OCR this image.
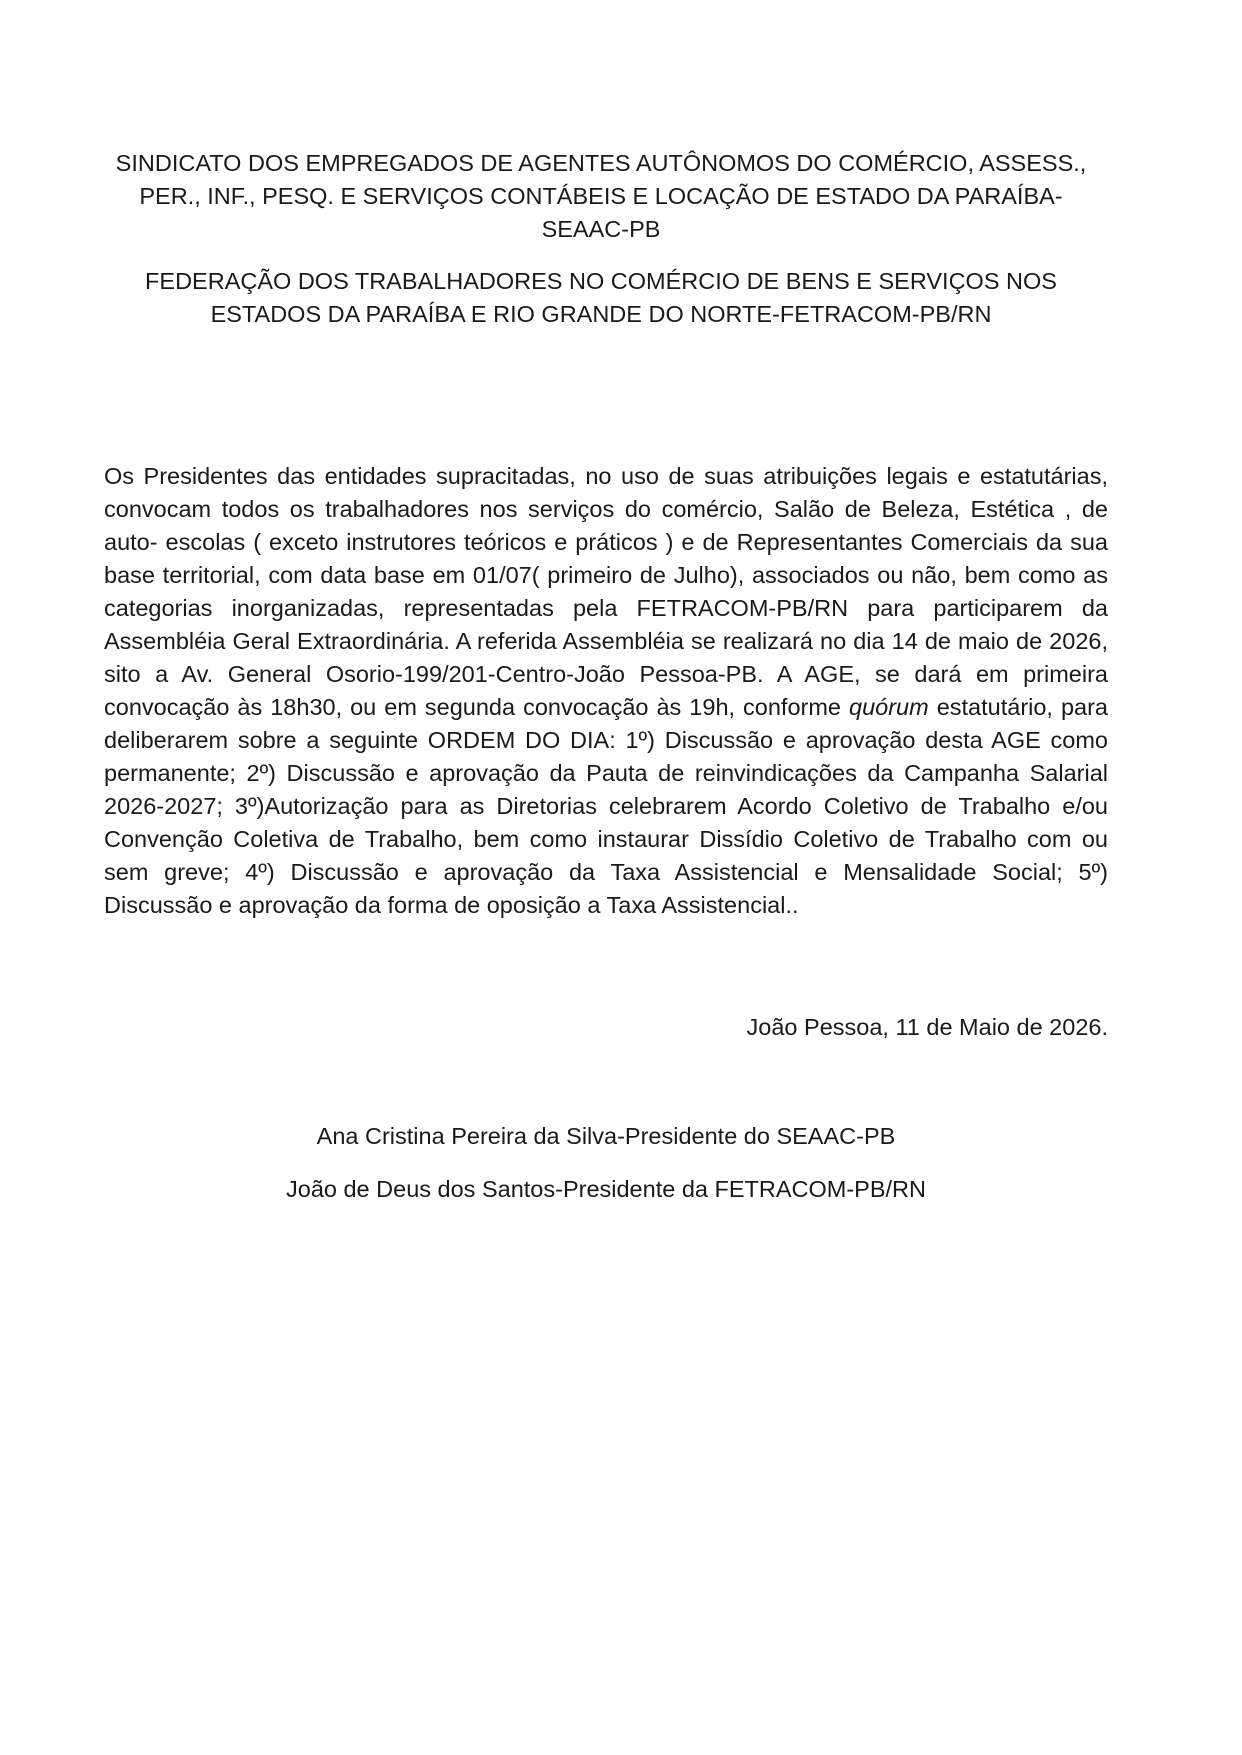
SINDICATO DOS EMPREGADOS DE AGENTES AUTÔNOMOS DO COMÉRCIO, ASSESS., PER., INF., PESQ. E SERVIÇOS CONTÁBEIS E LOCAÇÃO DE ESTADO DA PARAÍBA-SEAAC-PB

FEDERAÇÃO DOS TRABALHADORES NO COMÉRCIO DE BENS E SERVIÇOS NOS ESTADOS DA PARAÍBA E RIO GRANDE DO NORTE-FETRACOM-PB/RN

Os Presidentes das entidades supracitadas, no uso de suas atribuições legais e estatutárias, convocam todos os trabalhadores nos serviços do comércio, Salão de Beleza, Estética , de auto- escolas ( exceto instrutores teóricos e práticos ) e de Representantes Comerciais da sua base territorial, com data base em 01/07( primeiro de Julho), associados ou não, bem como as categorias inorganizadas, representadas pela FETRACOM-PB/RN para participarem da Assembléia Geral Extraordinária. A referida Assembléia se realizará no dia 14 de maio de 2026, sito a Av. General Osorio-199/201-Centro-João Pessoa-PB. A AGE, se dará em primeira convocação às 18h30, ou em segunda convocação às 19h, conforme quórum estatutário, para deliberarem sobre a seguinte ORDEM DO DIA: 1º) Discussão e aprovação desta AGE como permanente; 2º) Discussão e aprovação da Pauta de reinvindicações da Campanha Salarial 2026-2027; 3º)Autorização para as Diretorias celebrarem Acordo Coletivo de Trabalho e/ou Convenção Coletiva de Trabalho, bem como instaurar Dissídio Coletivo de Trabalho com ou sem greve; 4º) Discussão e aprovação da Taxa Assistencial e Mensalidade Social; 5º) Discussão e aprovação da forma de oposição a Taxa Assistencial..

João Pessoa, 11 de Maio de 2026.

Ana Cristina Pereira da Silva-Presidente do SEAAC-PB

João de Deus dos Santos-Presidente da FETRACOM-PB/RN
